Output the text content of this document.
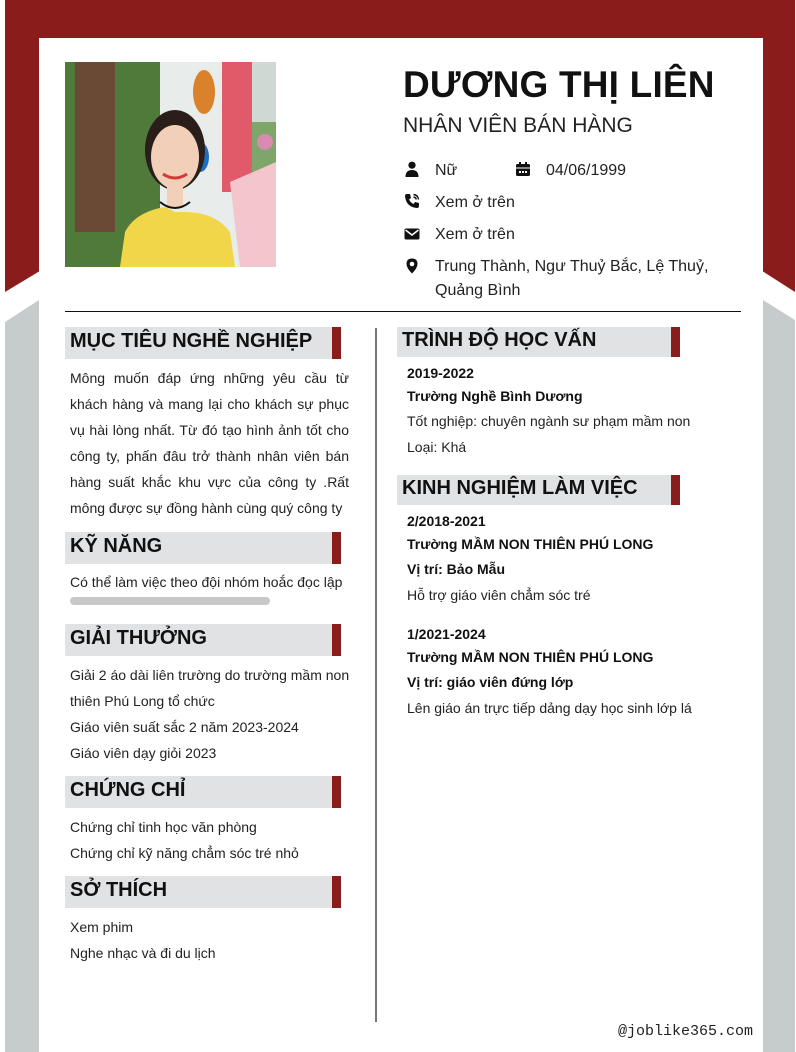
DƯƠNG THỊ LIÊN
NHÂN VIÊN BÁN HÀNG
Nữ	04/06/1999
Xem ở trên
Xem ở trên
Trung Thành, Ngư Thuỷ Bắc, Lệ Thuỷ,
Quảng Bình
MỤC TIÊU NGHỀ NGHIỆP
Mông muốn đáp ứng những yêu cầu từ khách hàng và mang lại cho khách sự phục vụ hài lòng nhất. Từ đó tạo hình ảnh tốt cho công ty, phấn đâu trở thành nhân viên bán hàng suất khắc khu vực của công ty .Rất mông được sự đồng hành cùng quý công ty
KỸ NĂNG
Có thể làm việc theo đội nhóm hoắc đọc lập
GIẢI THƯỞNG
Giải 2 áo dài liên trường do trường mầm non
thiên Phú Long tổ chức
Giáo viên suất sắc 2 năm 2023-2024
Giáo viên dạy giỏi 2023
CHỨNG CHỈ
Chứng chỉ tinh học văn phòng
Chứng chỉ kỹ năng chẳm sóc tré nhỏ
SỞ THÍCH
Xem phim
Nghe nhạc và đi du lịch
TRÌNH ĐỘ HỌC VẤN
2019-2022
Trường Nghề Bình Dương
Tốt nghiệp: chuyên ngành sư phạm mầm non
Loại: Khá
KINH NGHIỆM LÀM VIỆC
2/2018-2021
Trường MẦM NON THIÊN PHÚ LONG
Vị trí: Bảo Mẫu
Hỗ trợ giáo viên chẳm sóc tré
1/2021-2024
Trường MẦM NON THIÊN PHÚ LONG
Vị trí: giáo viên đứng lớp
Lên giáo án trực tiếp dảng dạy học sinh lớp lá
@joblike365.com
